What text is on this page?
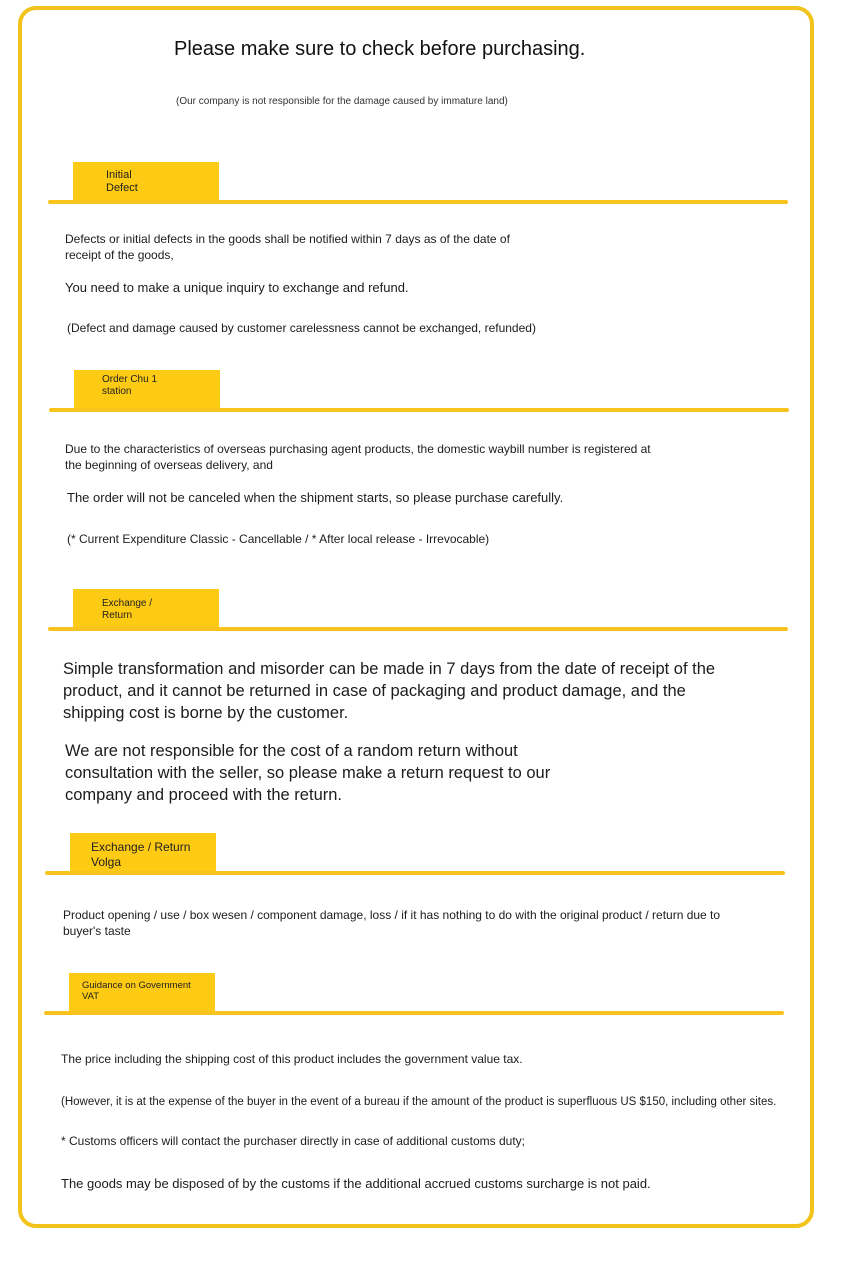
Please make sure to check before purchasing.
(Our company is not responsible for the damage caused by immature land)
Initial Defect
Defects or initial defects in the goods shall be notified within 7 days as of the date of receipt of the goods,
You need to make a unique inquiry to exchange and refund.
(Defect and damage caused by customer carelessness cannot be exchanged, refunded)
Order Chu 1 station
Due to the characteristics of overseas purchasing agent products, the domestic waybill number is registered at the beginning of overseas delivery, and
The order will not be canceled when the shipment starts, so please purchase carefully.
(* Current Expenditure Classic - Cancellable / * After local release - Irrevocable)
Exchange / Return
Simple transformation and misorder can be made in 7 days from the date of receipt of the product, and it cannot be returned in case of packaging and product damage, and the shipping cost is borne by the customer.
We are not responsible for the cost of a random return without consultation with the seller, so please make a return request to our company and proceed with the return.
Exchange / Return Volga
Product opening / use / box wesen / component damage, loss / if it has nothing to do with the original product / return due to buyer's taste
Guidance on Government VAT
The price including the shipping cost of this product includes the government value tax.
(However, it is at the expense of the buyer in the event of a bureau if the amount of the product is superfluous US $150, including other sites.
* Customs officers will contact the purchaser directly in case of additional customs duty;
The goods may be disposed of by the customs if the additional accrued customs surcharge is not paid.
